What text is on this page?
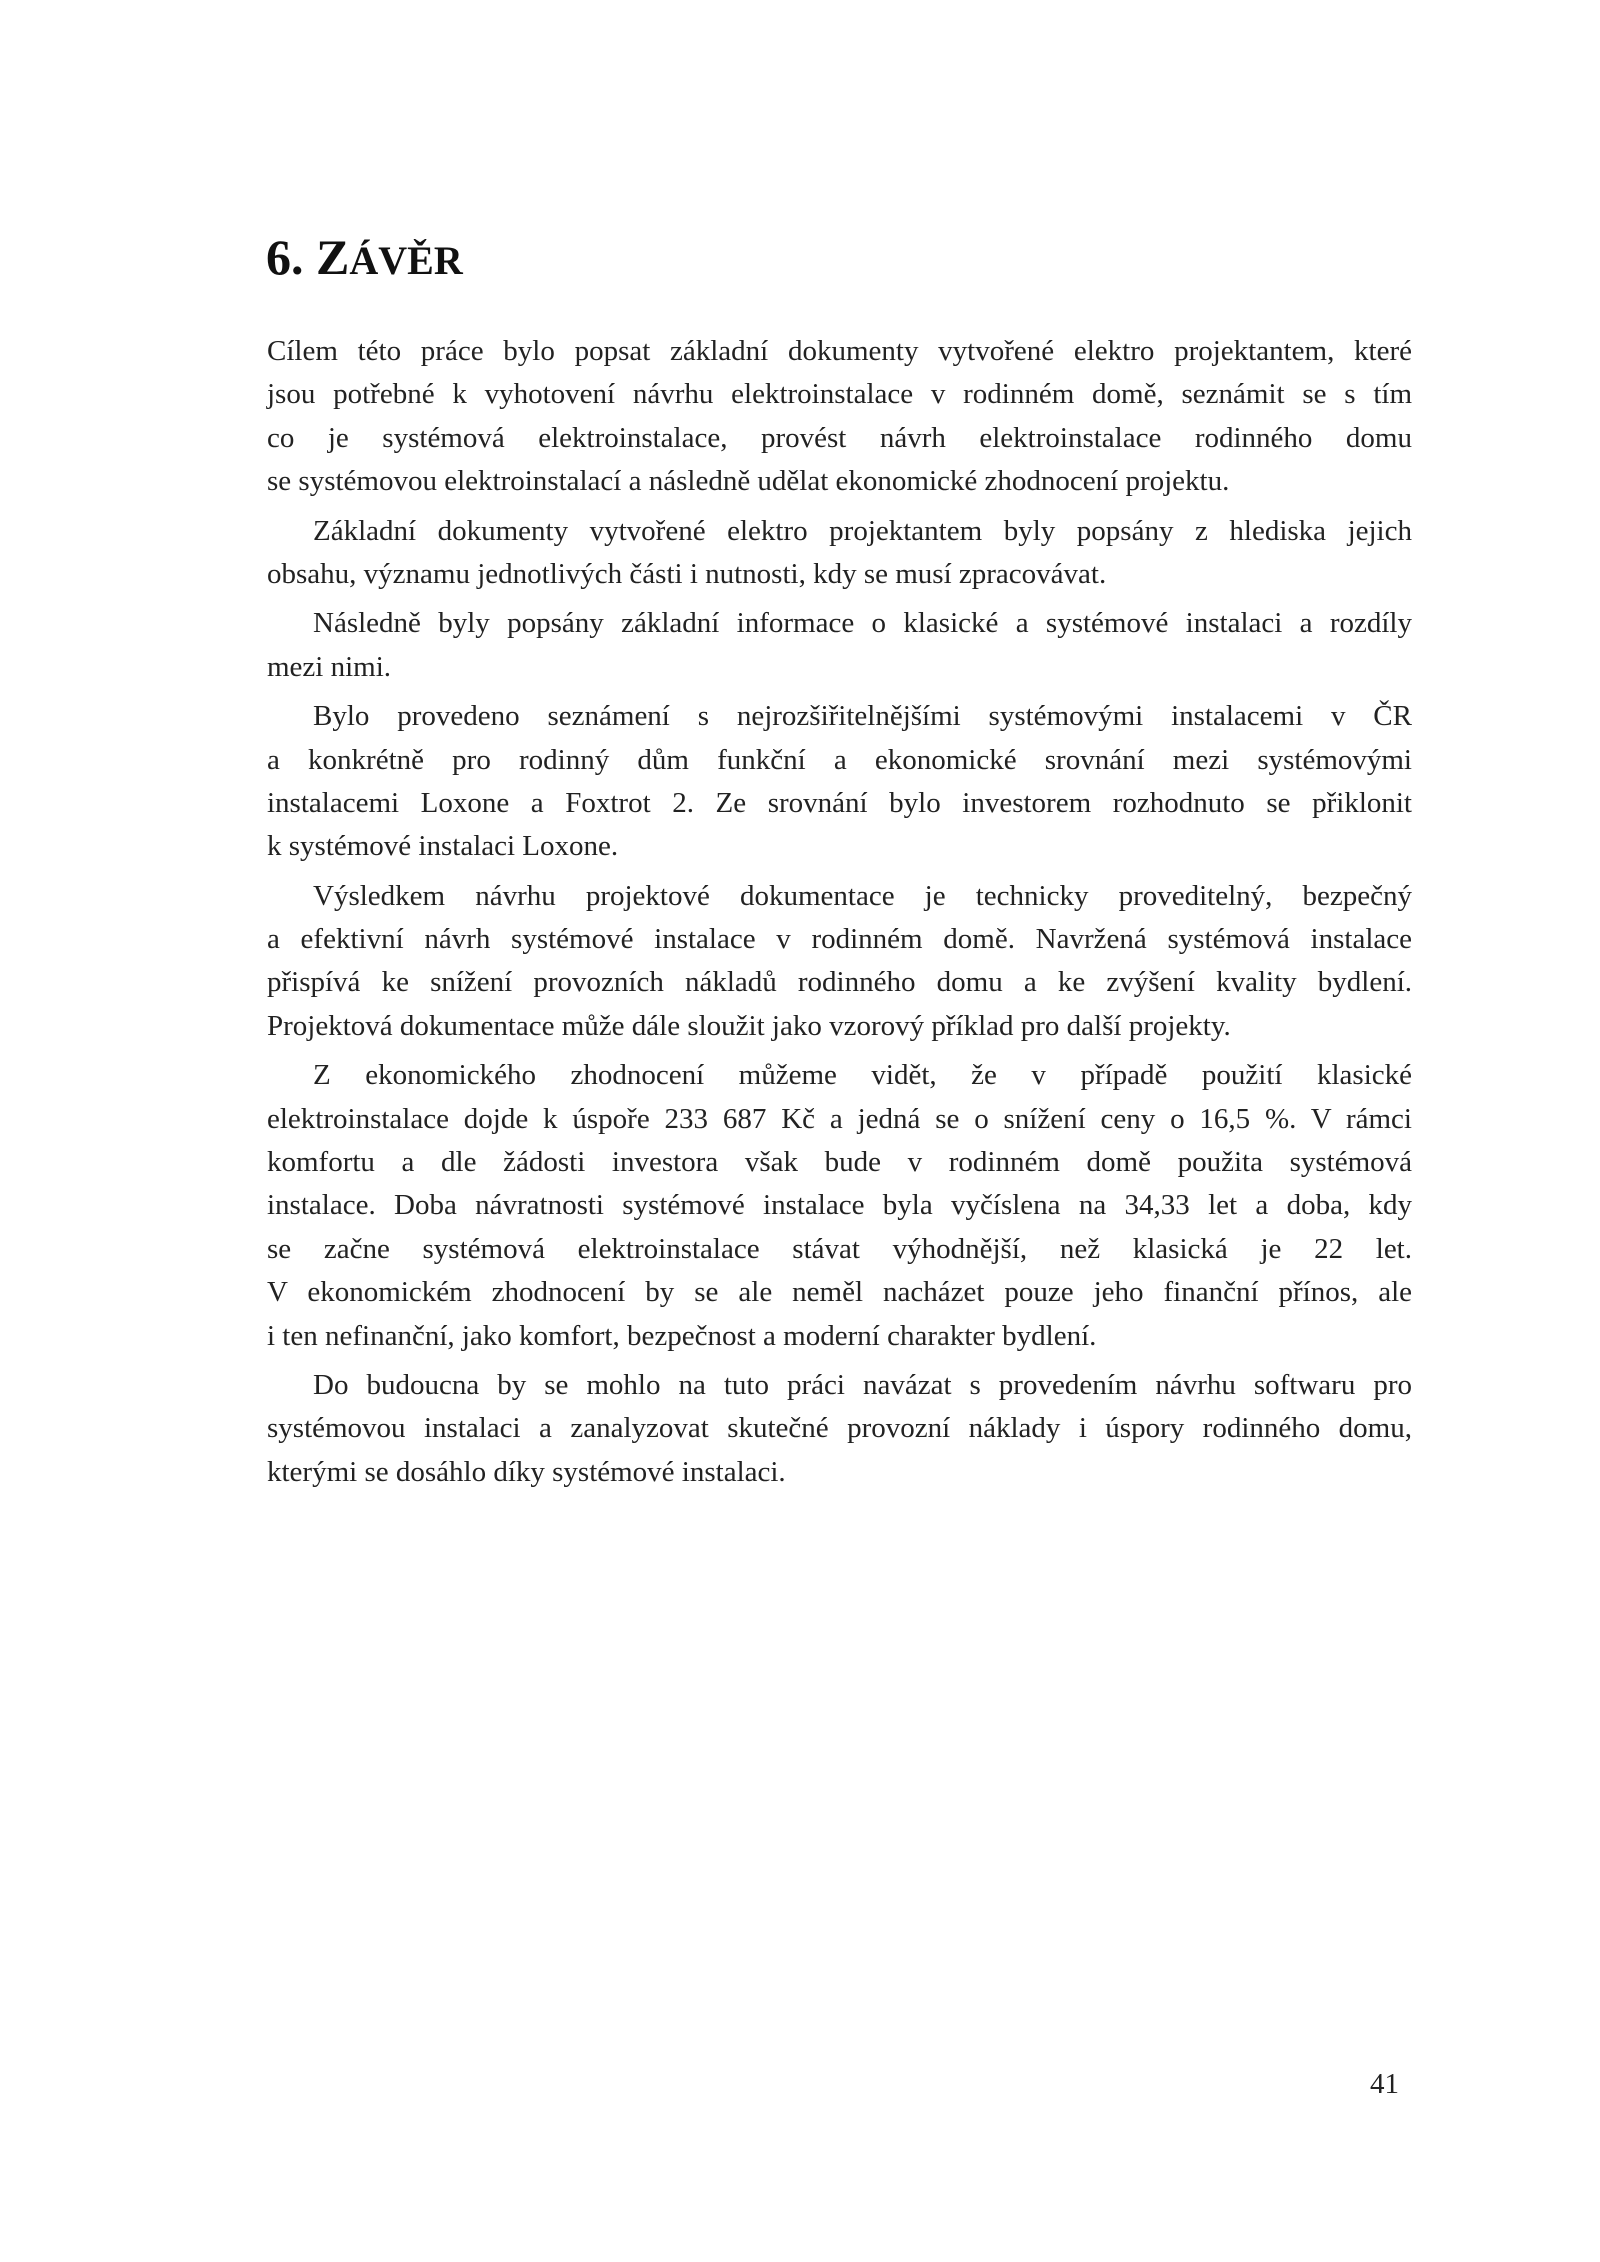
6. ZÁVĚR

Cílem této práce bylo popsat základní dokumenty vytvořené elektro projektantem, které
jsou potřebné k vyhotovení návrhu elektroinstalace v rodinném domě, seznámit se s tím
co je systémová elektroinstalace, provést návrh elektroinstalace rodinného domu
se systémovou elektroinstalací a následně udělat ekonomické zhodnocení projektu.

Základní dokumenty vytvořené elektro projektantem byly popsány z hlediska jejich
obsahu, významu jednotlivých části i nutnosti, kdy se musí zpracovávat.

Následně byly popsány základní informace o klasické a systémové instalaci a rozdíly
mezi nimi.

Bylo provedeno seznámení s nejrozšiřitelnějšími systémovými instalacemi v ČR
a konkrétně pro rodinný dům funkční a ekonomické srovnání mezi systémovými
instalacemi Loxone a Foxtrot 2. Ze srovnání bylo investorem rozhodnuto se přiklonit
k systémové instalaci Loxone.

Výsledkem návrhu projektové dokumentace je technicky proveditelný, bezpečný
a efektivní návrh systémové instalace v rodinném domě. Navržená systémová instalace
přispívá ke snížení provozních nákladů rodinného domu a ke zvýšení kvality bydlení.
Projektová dokumentace může dále sloužit jako vzorový příklad pro další projekty.

Z ekonomického zhodnocení můžeme vidět, že v případě použití klasické
elektroinstalace dojde k úspoře 233 687 Kč a jedná se o snížení ceny o 16,5 %. V rámci
komfortu a dle žádosti investora však bude v rodinném domě použita systémová
instalace. Doba návratnosti systémové instalace byla vyčíslena na 34,33 let a doba, kdy
se začne systémová elektroinstalace stávat výhodnější, než klasická je 22 let.
V ekonomickém zhodnocení by se ale neměl nacházet pouze jeho finanční přínos, ale
i ten nefinanční, jako komfort, bezpečnost a moderní charakter bydlení.

Do budoucna by se mohlo na tuto práci navázat s provedením návrhu softwaru pro
systémovou instalaci a zanalyzovat skutečné provozní náklady i úspory rodinného domu,
kterými se dosáhlo díky systémové instalaci.

41
